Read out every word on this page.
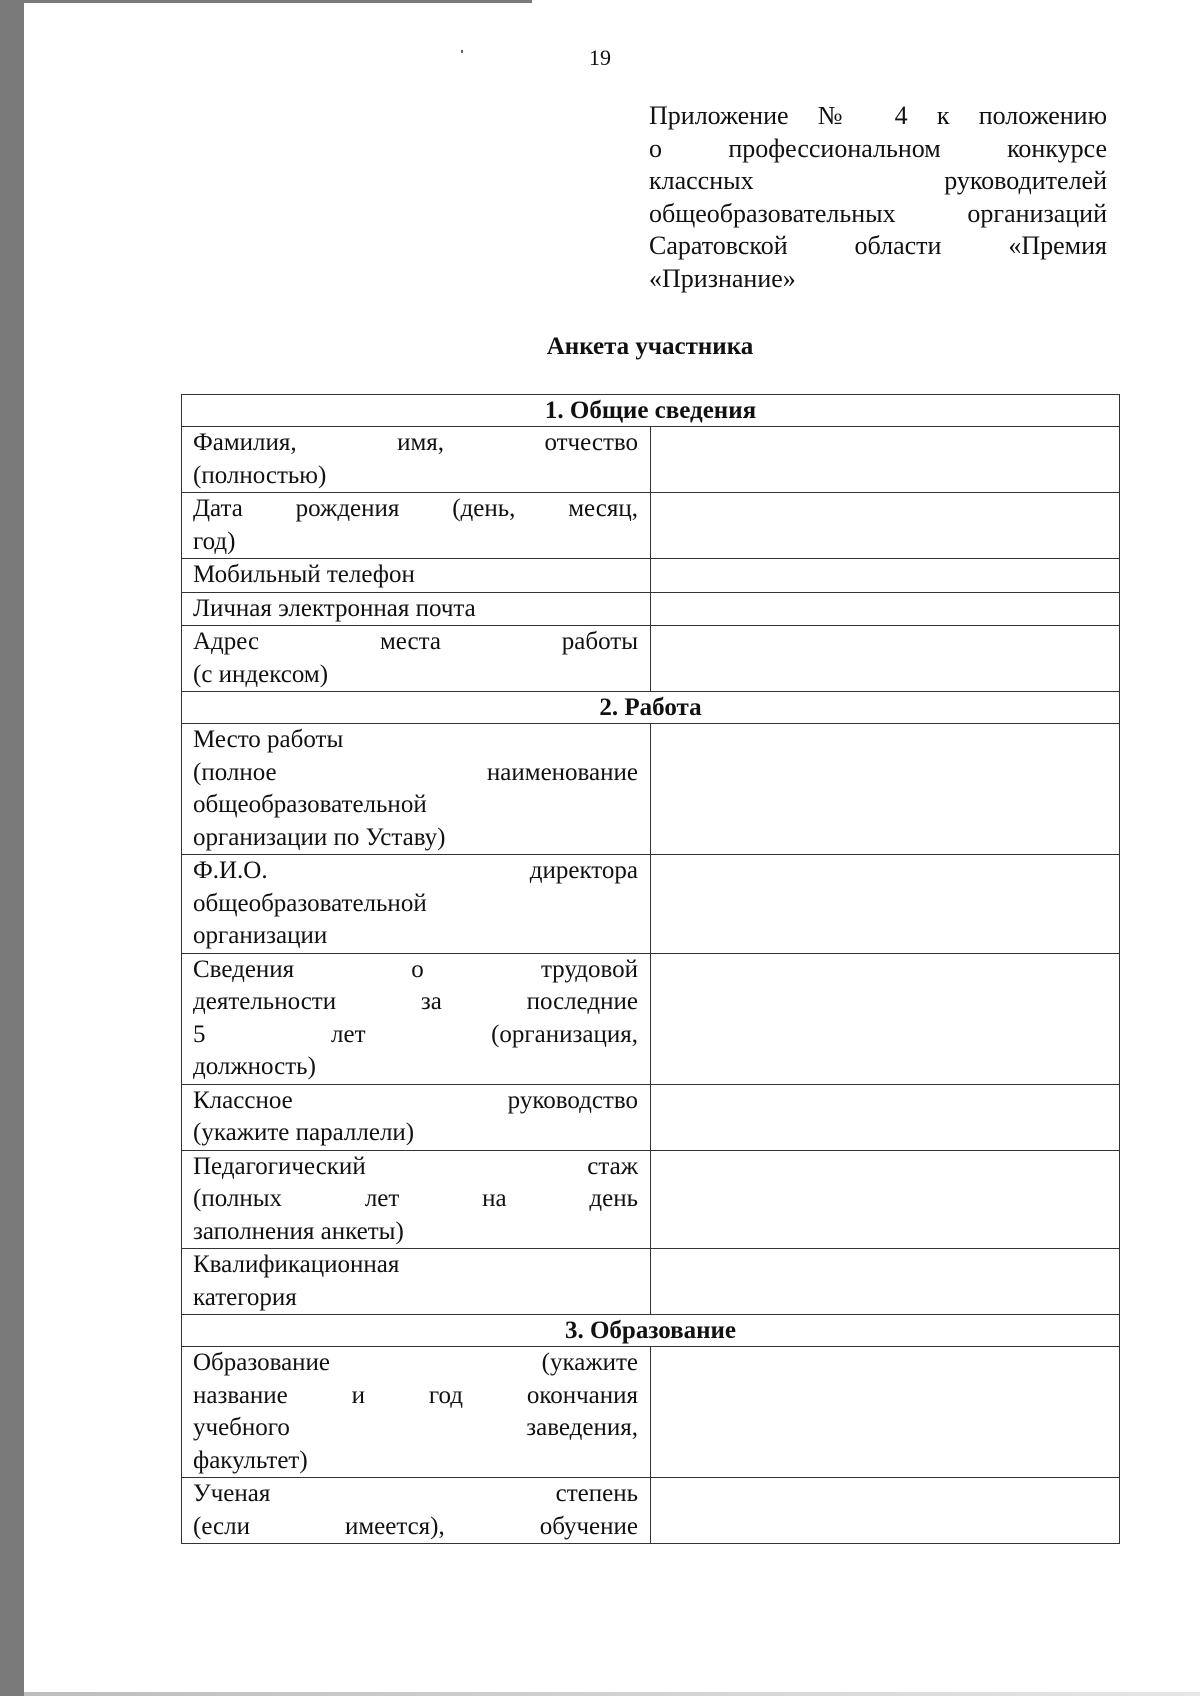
19
Приложение № 4 к положению
о профессиональном конкурсе
классных руководителей
общеобразовательных организаций
Саратовской области «Премия
«Признание»
Анкета участника
1. Общие сведения	

Фамилия, имя, отчество
(полностью)	

Дата рождения (день, месяц,
год)	

Мобильный телефон	

Личная электронная почта	

Адрес места работы
(с индексом)	

2. Работа	

Место работы
(полное наименование
общеобразовательной
организации по Уставу)	

Ф.И.О. директора
общеобразовательной
организации	

Сведения о трудовой
деятельности за последние
5 лет (организация,
должность)	

Классное руководство
(укажите параллели)	

Педагогический стаж
(полных лет на день
заполнения анкеты)	

Квалификационная
категория	

3. Образование	

Образование (укажите
название и год окончания
учебного заведения,
факультет)	

Ученая степень
(если имеется), обучение	
